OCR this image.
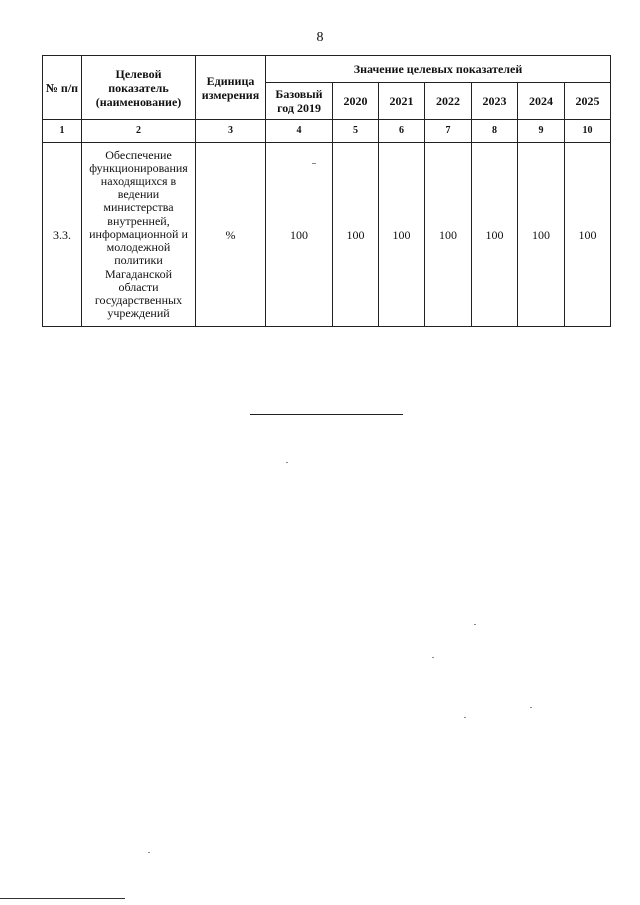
8
№ п/п	Целевой показатель (наименование)	Единица измерения	Значение целевых показателей						
			Базовый год 2019	2020	2021	2022	2023	2024	2025
1	2	3	4	5	6	7	8	9	10
3.3.	Обеспечение функционирования находящихся в ведении министерства внутренней, информационной и молодежной политики Магаданской области государственных учреждений	%	100	100	100	100	100	100	100
